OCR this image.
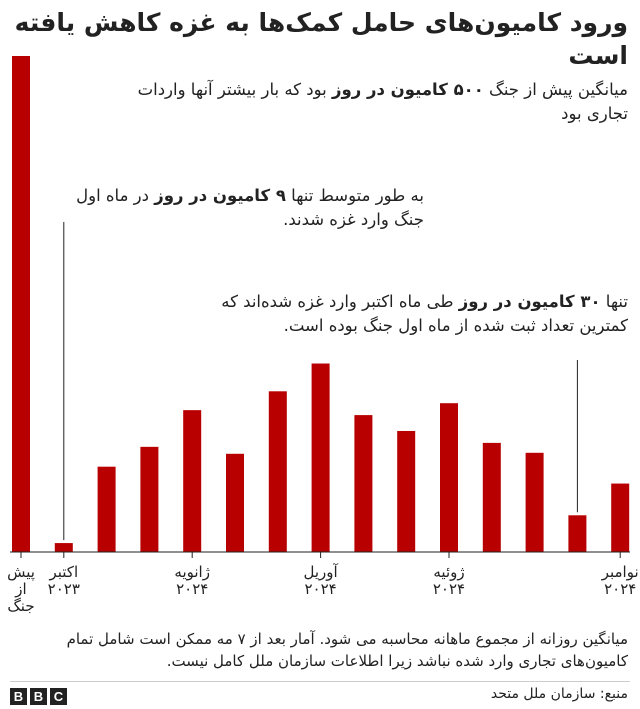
ورود کامیون‌های حامل کمک‌ها به غزه کاهش یافته است

میانگین پیش از جنگ ۵۰۰ کامیون در روز بود که بار بیشتر آنها واردات تجاری بود

به طور متوسط تنها ۹ کامیون در روز در ماه اول جنگ وارد غزه شدند.

تنها ۳۰ کامیون در روز طی ماه اکتبر وارد غزه شده‌اند که کمترین تعداد ثبت شده از ماه اول جنگ بوده است.

پیش
از
جنگ
اکتبر
۲۰۲۳
ژانویه
۲۰۲۴
آوریل
۲۰۲۴
ژوئیه
۲۰۲۴
نوامبر
۲۰۲۴

میانگین روزانه از مجموع ماهانه محاسبه می شود. آمار بعد از ۷ مه ممکن است شامل تمام کامیون‌های تجاری وارد شده نباشد زیرا اطلاعات سازمان ملل کامل نیست.

B B C	منبع: سازمان ملل متحد
